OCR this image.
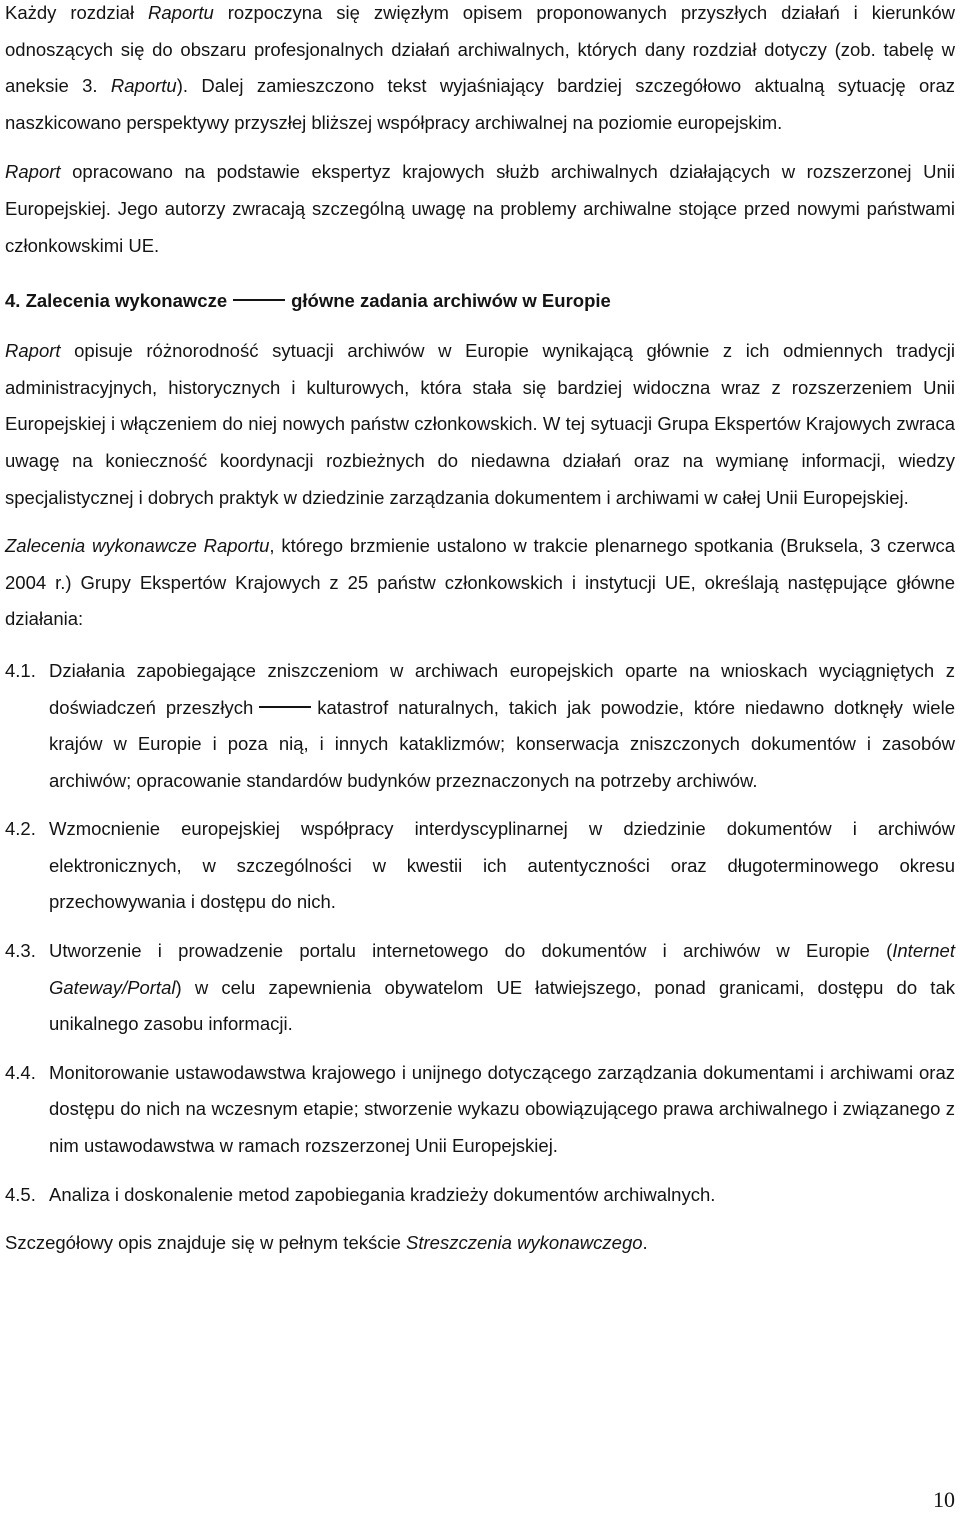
Każdy rozdział Raportu rozpoczyna się zwięzłym opisem proponowanych przyszłych działań i kierunków odnoszących się do obszaru profesjonalnych działań archiwalnych, których dany rozdział dotyczy (zob. tabelę w aneksie 3. Raportu). Dalej zamieszczono tekst wyjaśniający bardziej szczegółowo aktualną sytuację oraz naszkicowano perspektywy przyszłej bliższej współpracy archiwalnej na poziomie europejskim.

Raport opracowano na podstawie ekspertyz krajowych służb archiwalnych działających w rozszerzonej Unii Europejskiej. Jego autorzy zwracają szczególną uwagę na problemy archiwalne stojące przed nowymi państwami członkowskimi UE.

4. Zalecenia wykonawcze	główne zadania archiwów w Europie

Raport opisuje różnorodność sytuacji archiwów w Europie wynikającą głównie z ich odmiennych tradycji administracyjnych, historycznych i kulturowych, która stała się bardziej widoczna wraz z rozszerzeniem Unii Europejskiej i włączeniem do niej nowych państw członkowskich. W tej sytuacji Grupa Ekspertów Krajowych zwraca uwagę na konieczność koordynacji rozbieżnych do niedawna działań oraz na wymianę informacji, wiedzy specjalistycznej i dobrych praktyk w dziedzinie zarządzania dokumentem i archiwami w całej Unii Europejskiej.

Zalecenia wykonawcze Raportu, którego brzmienie ustalono w trakcie plenarnego spotkania (Bruksela, 3 czerwca 2004 r.) Grupy Ekspertów Krajowych z 25 państw członkowskich i instytucji UE, określają następujące główne działania:

4.1. Działania zapobiegające zniszczeniom w archiwach europejskich oparte na wnioskach wyciągniętych z doświadczeń przeszłych	katastrof naturalnych, takich jak powodzie, które niedawno dotknęły wiele krajów w Europie i poza nią, i innych kataklizmów; konserwacja zniszczonych dokumentów i zasobów archiwów; opracowanie standardów budynków przeznaczonych na potrzeby archiwów.
4.2. Wzmocnienie europejskiej współpracy interdyscyplinarnej w dziedzinie dokumentów i archiwów elektronicznych, w szczególności w kwestii ich autentyczności oraz długoterminowego okresu przechowywania i dostępu do nich.
4.3. Utworzenie i prowadzenie portalu internetowego do dokumentów i archiwów w Europie (Internet Gateway/Portal) w celu zapewnienia obywatelom UE łatwiejszego, ponad granicami, dostępu do tak unikalnego zasobu informacji.
4.4. Monitorowanie ustawodawstwa krajowego i unijnego dotyczącego zarządzania dokumentami i archiwami oraz dostępu do nich na wczesnym etapie; stworzenie wykazu obowiązującego prawa archiwalnego i związanego z nim ustawodawstwa w ramach rozszerzonej Unii Europejskiej.
4.5. Analiza i doskonalenie metod zapobiegania kradzieży dokumentów archiwalnych.

Szczegółowy opis znajduje się w pełnym tekście Streszczenia wykonawczego.

10
